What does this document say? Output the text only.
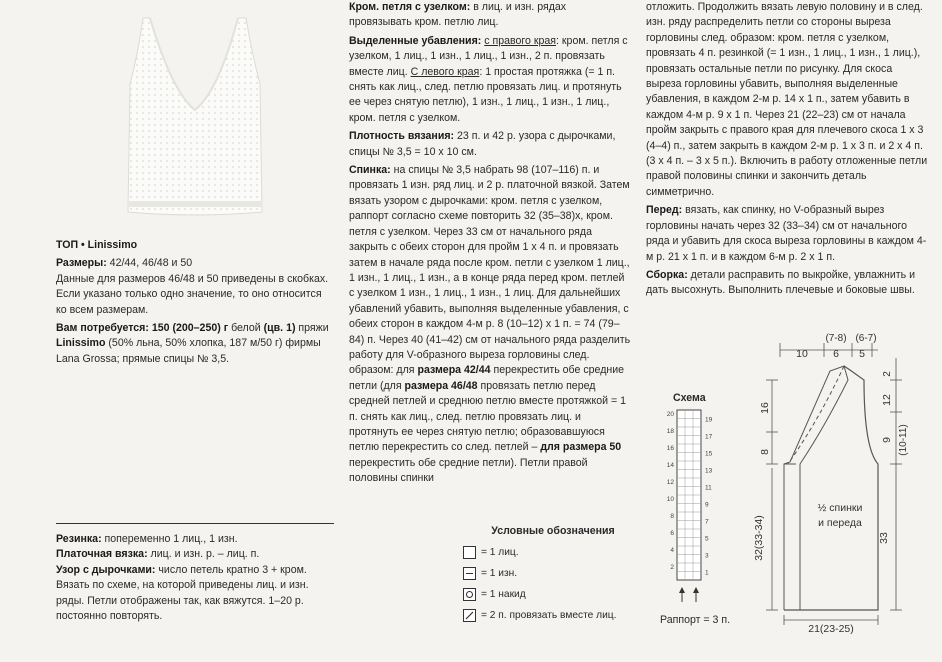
ТОП • Linissimo

Размеры: 42/44, 46/48 и 50
Данные для размеров 46/48 и 50 приведены в скобках. Если указано только одно значение, то оно относится ко всем размерам.

Вам потребуется: 150 (200–250) г белой (цв. 1) пряжи Linissimo (50% льна, 50% хлопка, 187 м/50 г) фирмы Lana Grossa; прямые спицы № 3,5.

Резинка: попеременно 1 лиц., 1 изн.

Платочная вязка: лиц. и изн. р. – лиц. п.

Узор с дырочками: число петель кратно 3 + кром. Вязать по схеме, на которой приведены лиц. и изн. ряды. Петли отображены так, как вяжутся. 1–20 р. постоянно повторять.

Кром. петля с узелком: в лиц. и изн. рядах провязывать кром. петлю лиц.

Выделенные убавления: с правого края: кром. петля с узелком, 1 лиц., 1 изн., 1 лиц., 1 изн., 2 п. провязать вместе лиц. С левого края: 1 простая протяжка (= 1 п. снять как лиц., след. петлю провязать лиц. и протянуть ее через снятую петлю), 1 изн., 1 лиц., 1 изн., 1 лиц., кром. петля с узелком.

Плотность вязания: 23 п. и 42 р. узора с дырочками, спицы № 3,5 = 10 х 10 см.

Спинка: на спицы № 3,5 набрать 98 (107–116) п. и провязать 1 изн. ряд лиц. и 2 р. платочной вязкой. Затем вязать узором с дырочками: кром. петля с узелком, раппорт согласно схеме повторить 32 (35–38)х, кром. петля с узелком. Через 33 см от начального ряда закрыть с обеих сторон для пройм 1 х 4 п. и провязать затем в начале ряда после кром. петли с узелком 1 лиц., 1 изн., 1 лиц., 1 изн., а в конце ряда перед кром. петлей с узелком 1 изн., 1 лиц., 1 изн., 1 лиц. Для дальнейших убавлений убавить, выполняя выделенные убавления, с обеих сторон в каждом 4-м р. 8 (10–12) х 1 п. = 74 (79–84) п. Через 40 (41–42) см от начального ряда разделить работу для V-образного выреза горловины след. образом: для размера 42/44 перекрестить обе средние петли (для размера 46/48 провязать петлю перед средней петлей и среднюю петлю вместе протяжкой = 1 п. снять как лиц., след. петлю провязать лиц. и протянуть ее через снятую петлю; образовавшуюся петлю перекрестить со след. петлей – для размера 50 перекрестить обе средние петли). Петли правой половины спинки

отложить. Продолжить вязать левую половину и в след. изн. ряду распределить петли со стороны выреза горловины след. образом: кром. петля с узелком, провязать 4 п. резинкой (= 1 изн., 1 лиц., 1 изн., 1 лиц.), провязать остальные петли по рисунку. Для скоса выреза горловины убавить, выполняя выделенные убавления, в каждом 2-м р. 14 х 1 п., затем убавить в каждом 4-м р. 9 х 1 п. Через 21 (22–23) см от начала пройм закрыть с правого края для плечевого скоса 1 х 3 (4–4) п., затем закрыть в каждом 2-м р. 1 х 3 п. и 2 х 4 п. (3 х 4 п. – 3 х 5 п.). Включить в работу отложенные петли правой половины спинки и закончить деталь симметрично.

Перед: вязать, как спинку, но V-образный вырез горловины начать через 32 (33–34) см от начального ряда и убавить для скоса выреза горловины в каждом 4-м р. 21 х 1 п. и в каждом 6-м р. 2 х 1 п.

Сборка: детали расправить по выкройке, увлажнить и дать высохнуть. Выполнить плечевые и боковые швы.

Условные обозначения
= 1 лиц.
= 1 изн.
= 1 накид
= 2 п. провязать вместе лиц.
Схема
19
17
15
13
11
9
7
5
3
1
20
18
16
14
12
10
8
6
4
2
Раппорт = 3 п.
10 6 5
(7-8) (6-7)
2
12
9 (10-11)
33
16
8
32(33-34)
21(23-25)
½ спинки
и переда
